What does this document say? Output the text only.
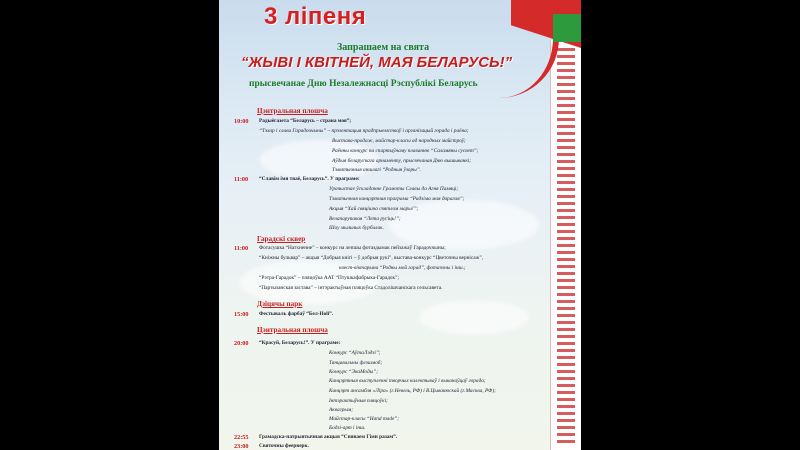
3 ліпеня
Запрашаем на свята
“ЖЫВІ І КВІТНЕЙ, МАЯ БЕЛАРУСЬ!”
прысвечанае Дню Незалежнасці Рэспублікі Беларусь
Цэнтральная плошча
10:00 Радыёгазета “Беларусь – страна моя”;
“Тэхар і слава Гарадоччыны” – прэзентацыя прадпрыемстваў і арганізацый горада і раёна;
Выстава-продаж, майстар-класы ад народных майстроў;
Раённы конкурс па спартыўнаму плаванню “Саламяны сусвет”;
Аўдыя беларускага арнаменту, прысвечаная Дню вышыванкі;
Тэматычныя аншлагі “Родныя ўзоры”.
11:00 “Славім імя тваё, Беларусь”. У праграме:
Урачыстае ўскладанне Грамоты Славы да Агня Памяці;
Тэматычная канцэртная праграма “Радзіма мая дарагая”;
Акцыя “Хай свяцішча святлом мары!”;
Велапарупавая “Лета русіць!”;
Шоу мыльных бурбалак.
Гарадскі сквер
11:00 Фотасушка “Натхненне” – конкурс на лепшы фотаздымак пейзажаў Гарадоччыны;
“Кніжны бульвар” – акцыя “Добрыя кнігі – ў добрыя рукі”, выстава-конкурс “Цветочны вернісаж”,
квест-віктарына “Родны мой горад”, фотазоны і інш.;
“Рэтра-Гарадок” – пляцоўка ААТ “Птушкафабрыка-Гарадок”;
“Партызанская застава” – інтэрактыўная пляцоўка Стадолішчанскага сельсавета.
Дзіцячы парк
15:00 Фестываль фарбаў “Бел-Holi”.
Цэнтральная плошча
20:00 “Красуй, Беларусь!”. У праграме:
Конкурс “АўтаЛэдзі”;
Танцавальны флэшмоб;
Конкурс “ЭкаМоды”;
Канцэртныя выступленні творчых калектываў і выканаўцаў горада;
Канцэрт ансамбля «Ліра» (г.Невель, РФ) і В.Цыванюскай (г.Масква, РФ);
Інтэрактыўныя пляцоўкі;
Аквагрым;
Майстар-класы “Hand made”;
Бодзі-арт і інш.
22:55 Грамадска-патрыятычная акцыя “Спяваем Гімн разам”.
23:00 Святочны феерверк.
